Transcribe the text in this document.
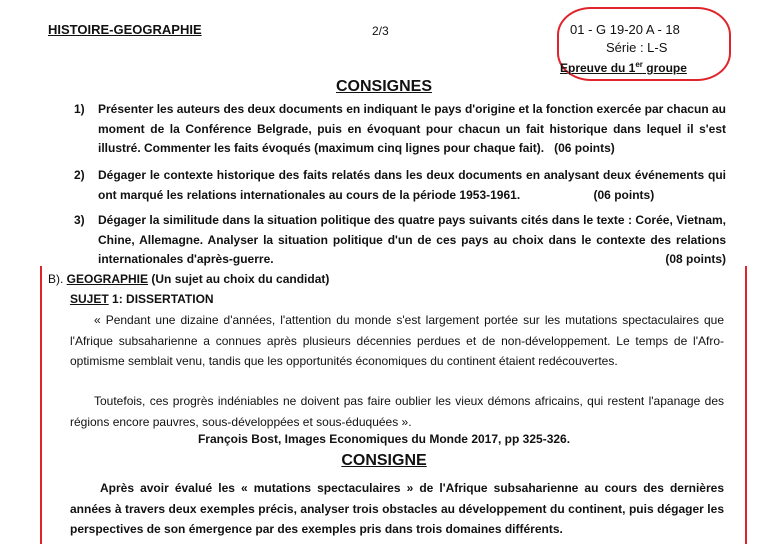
HISTOIRE-GEOGRAPHIE	2/3	01 - G 19-20 A - 18
Série : L-S
Epreuve du 1er groupe
CONSIGNES
1) Présenter les auteurs des deux documents en indiquant le pays d'origine et la fonction exercée par chacun au moment de la Conférence Belgrade, puis en évoquant pour chacun un fait historique dans lequel il s'est illustré. Commenter les faits évoqués (maximum cinq lignes pour chaque fait). (06 points)
2) Dégager le contexte historique des faits relatés dans les deux documents en analysant deux événements qui ont marqué les relations internationales au cours de la période 1953-1961.	(06 points)
3) Dégager la similitude dans la situation politique des quatre pays suivants cités dans le texte : Corée, Vietnam, Chine, Allemagne. Analyser la situation politique d'un de ces pays au choix dans le contexte des relations internationales d'après-guerre.	(08 points)
B). GEOGRAPHIE (Un sujet au choix du candidat)
SUJET 1: DISSERTATION
« Pendant une dizaine d'années, l'attention du monde s'est largement portée sur les mutations spectaculaires que l'Afrique subsaharienne a connues après plusieurs décennies perdues et de non-développement. Le temps de l'Afro-optimisme semblait venu, tandis que les opportunités économiques du continent étaient redécouvertes.
Toutefois, ces progrès indéniables ne doivent pas faire oublier les vieux démons africains, qui restent l'apanage des régions encore pauvres, sous-développées et sous-éduquées ».
François Bost, Images Economiques du Monde 2017, pp 325-326.
CONSIGNE
Après avoir évalué les « mutations spectaculaires » de l'Afrique subsaharienne au cours des dernières années à travers deux exemples précis, analyser trois obstacles au développement du continent, puis dégager les perspectives de son émergence par des exemples pris dans trois domaines différents.
